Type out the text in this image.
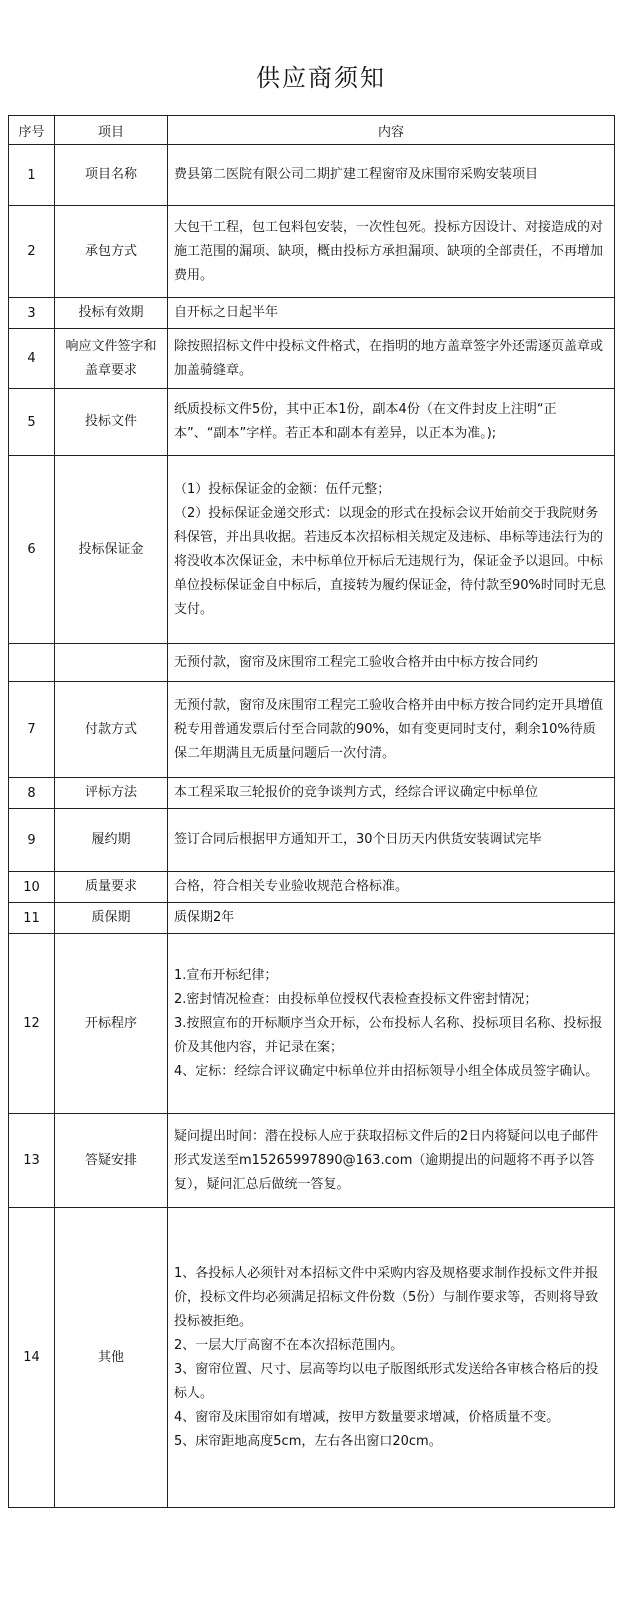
供应商须知
序号	项目	内容
1	项目名称	费县第二医院有限公司二期扩建工程窗帘及床围帘采购安装项目

2	承包方式	大包干工程，包工包料包安装，一次性包死。投标方因设计、对接造成的对施工范围的漏项、缺项，概由投标方承担漏项、缺项的全部责任，不再增加费用。

3	投标有效期	自开标之日起半年

4	响应文件签字和盖章要求	除按照招标文件中投标文件格式，在指明的地方盖章签字外还需逐页盖章或加盖骑缝章。

5	投标文件	纸质投标文件5份，其中正本1份，副本4份（在文件封皮上注明“正本”、“副本”字样。若正本和副本有差异，以正本为准。);

6	投标保证金	（1）投标保证金的金额：伍仟元整；
（2）投标保证金递交形式：以现金的形式在投标会议开始前交于我院财务科保管，并出具收据。若违反本次招标相关规定及违标、串标等违法行为的将没收本次保证金，未中标单位开标后无违规行为，保证金予以退回。中标单位投标保证金自中标后，直接转为履约保证金，待付款至90%时同时无息支付。

		无预付款，窗帘及床围帘工程完工验收合格并由中标方按合同约

7	付款方式	无预付款，窗帘及床围帘工程完工验收合格并由中标方按合同约定开具增值税专用普通发票后付至合同款的90%，如有变更同时支付，剩余10%待质保二年期满且无质量问题后一次付清。

8	评标方法	本工程采取三轮报价的竞争谈判方式，经综合评议确定中标单位

9	履约期	签订合同后根据甲方通知开工，30个日历天内供货安装调试完毕

10	质量要求	合格，符合相关专业验收规范合格标准。

11	质保期	质保期2年

12	开标程序	1.宣布开标纪律；
2.密封情况检查：由投标单位授权代表检查投标文件密封情况；
3.按照宣布的开标顺序当众开标，公布投标人名称、投标项目名称、投标报价及其他内容，并记录在案；
4、定标：经综合评议确定中标单位并由招标领导小组全体成员签字确认。

13	答疑安排	疑问提出时间：潜在投标人应于获取招标文件后的2日内将疑问以电子邮件形式发送至m15265997890@163.com（逾期提出的问题将不再予以答复），疑问汇总后做统一答复。

14	其他	1、各投标人必须针对本招标文件中采购内容及规格要求制作投标文件并报价，投标文件均必须满足招标文件份数（5份）与制作要求等，否则将导致投标被拒绝。
2、一层大厅高窗不在本次招标范围内。
3、窗帘位置、尺寸、层高等均以电子版图纸形式发送给各审核合格后的投标人。
4、窗帘及床围帘如有增减，按甲方数量要求增减，价格质量不变。
5、床帘距地高度5cm，左右各出窗口20cm。
